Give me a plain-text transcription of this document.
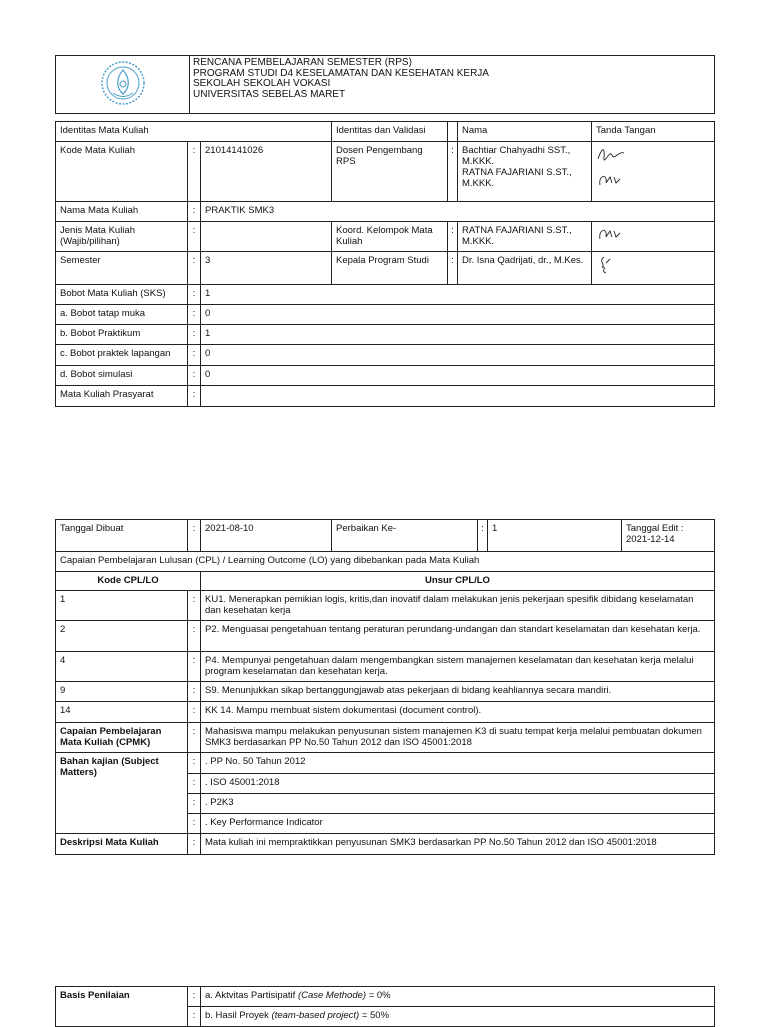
RENCANA PEMBELAJARAN SEMESTER (RPS)
PROGRAM STUDI D4 KESELAMATAN DAN KESEHATAN KERJA
SEKOLAH SEKOLAH VOKASI
UNIVERSITAS SEBELAS MARET
Identitas Mata Kuliah			Identitas dan Validasi		Nama	Tanda Tangan
Kode Mata Kuliah	:	21014141026	Dosen Pengembang RPS	:	Bachtiar Chahyadhi SST., M.KKK.
RATNA FAJARIANI S.ST., M.KKK.

Nama Mata Kuliah	:	PRAKTIK SMK3				
Jenis Mata Kuliah (Wajib/pilihan)	:		Koord. Kelompok Mata Kuliah	:	RATNA FAJARIANI S.ST., M.KKK.	

Semester	:	3	Kepala Program Studi	:	Dr. Isna Qadrijati, dr., M.Kes.	

Bobot Mata Kuliah (SKS)	:	1				
a. Bobot tatap muka	:	0				
b. Bobot Praktikum	:	1				
c. Bobot praktek lapangan	:	0				
d. Bobot simulasi	:	0				
Mata Kuliah Prasyarat	:					
Tanggal Dibuat	:	2021-08-10	Perbaikan Ke-	:	1	Tanggal Edit : 2021-12-14
Capaian Pembelajaran Lulusan (CPL) / Learning Outcome (LO) yang dibebankan pada Mata Kuliah						
Kode CPL/LO		Unsur CPL/LO				
1	:	KU1. Menerapkan pemikian logis, kritis,dan inovatif dalam melakukan jenis pekerjaan spesifik dibidang keselamatan dan kesehatan kerja				
2	:	P2. Menguasai pengetahuan tentang peraturan perundang-undangan dan standart keselamatan dan kesehatan kerja.				
4	:	P4. Mempunyai pengetahuan dalam mengembangkan sistem manajemen keselamatan dan kesehatan kerja melalui program keselamatan dan kesehatan kerja.				
9	:	S9. Menunjukkan sikap bertanggungjawab atas pekerjaan di bidang keahliannya secara mandiri.				
14	:	KK 14. Mampu membuat sistem dokumentasi (document control).				
Capaian Pembelajaran Mata Kuliah (CPMK)	:	Mahasiswa mampu melakukan penyusunan sistem manajemen K3 di suatu tempat kerja melalui pembuatan dokumen SMK3 berdasarkan PP No.50 Tahun 2012 dan ISO 45001:2018				
Bahan kajian (Subject Matters)	:	. PP No. 50 Tahun 2012				
	:	. ISO 45001:2018				
	:	. P2K3				
	:	. Key Performance Indicator				
Deskripsi Mata Kuliah	:	Mata kuliah ini mempraktikkan penyusunan SMK3 berdasarkan PP No.50 Tahun 2012 dan ISO 45001:2018				
Basis Penilaian	:	a. Aktvitas Partisipatif (Case Methode) = 0%
	:	b. Hasil Proyek (team-based project) = 50%
